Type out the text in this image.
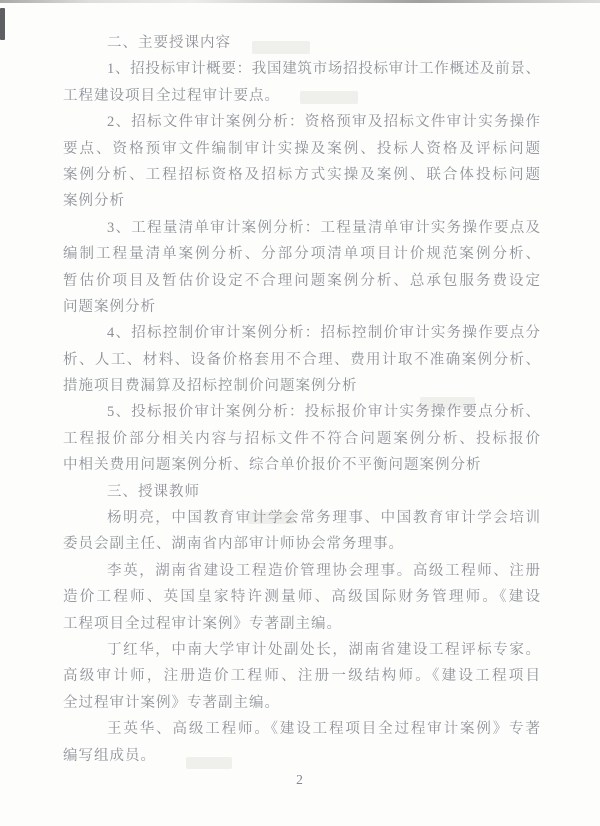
二、主要授课内容
1、招投标审计概要：我国建筑市场招投标审计工作概述及前景、
工程建设项目全过程审计要点。
2、招标文件审计案例分析：资格预审及招标文件审计实务操作
要点、资格预审文件编制审计实操及案例、投标人资格及评标问题
案例分析、工程招标资格及招标方式实操及案例、联合体投标问题
案例分析
3、工程量清单审计案例分析：工程量清单审计实务操作要点及
编制工程量清单案例分析、分部分项清单项目计价规范案例分析、
暂估价项目及暂估价设定不合理问题案例分析、总承包服务费设定
问题案例分析
4、招标控制价审计案例分析：招标控制价审计实务操作要点分
析、人工、材料、设备价格套用不合理、费用计取不准确案例分析、
措施项目费漏算及招标控制价问题案例分析
5、投标报价审计案例分析：投标报价审计实务操作要点分析、
工程报价部分相关内容与招标文件不符合问题案例分析、投标报价
中相关费用问题案例分析、综合单价报价不平衡问题案例分析
三、授课教师
杨明亮，中国教育审计学会常务理事、中国教育审计学会培训
委员会副主任、湖南省内部审计师协会常务理事。
李英，湖南省建设工程造价管理协会理事。高级工程师、注册
造价工程师、英国皇家特许测量师、高级国际财务管理师。《建设
工程项目全过程审计案例》专著副主编。
丁红华，中南大学审计处副处长，湖南省建设工程评标专家。
高级审计师，注册造价工程师、注册一级结构师。《建设工程项目
全过程审计案例》专著副主编。
王英华、高级工程师。《建设工程项目全过程审计案例》专著
编写组成员。
2
